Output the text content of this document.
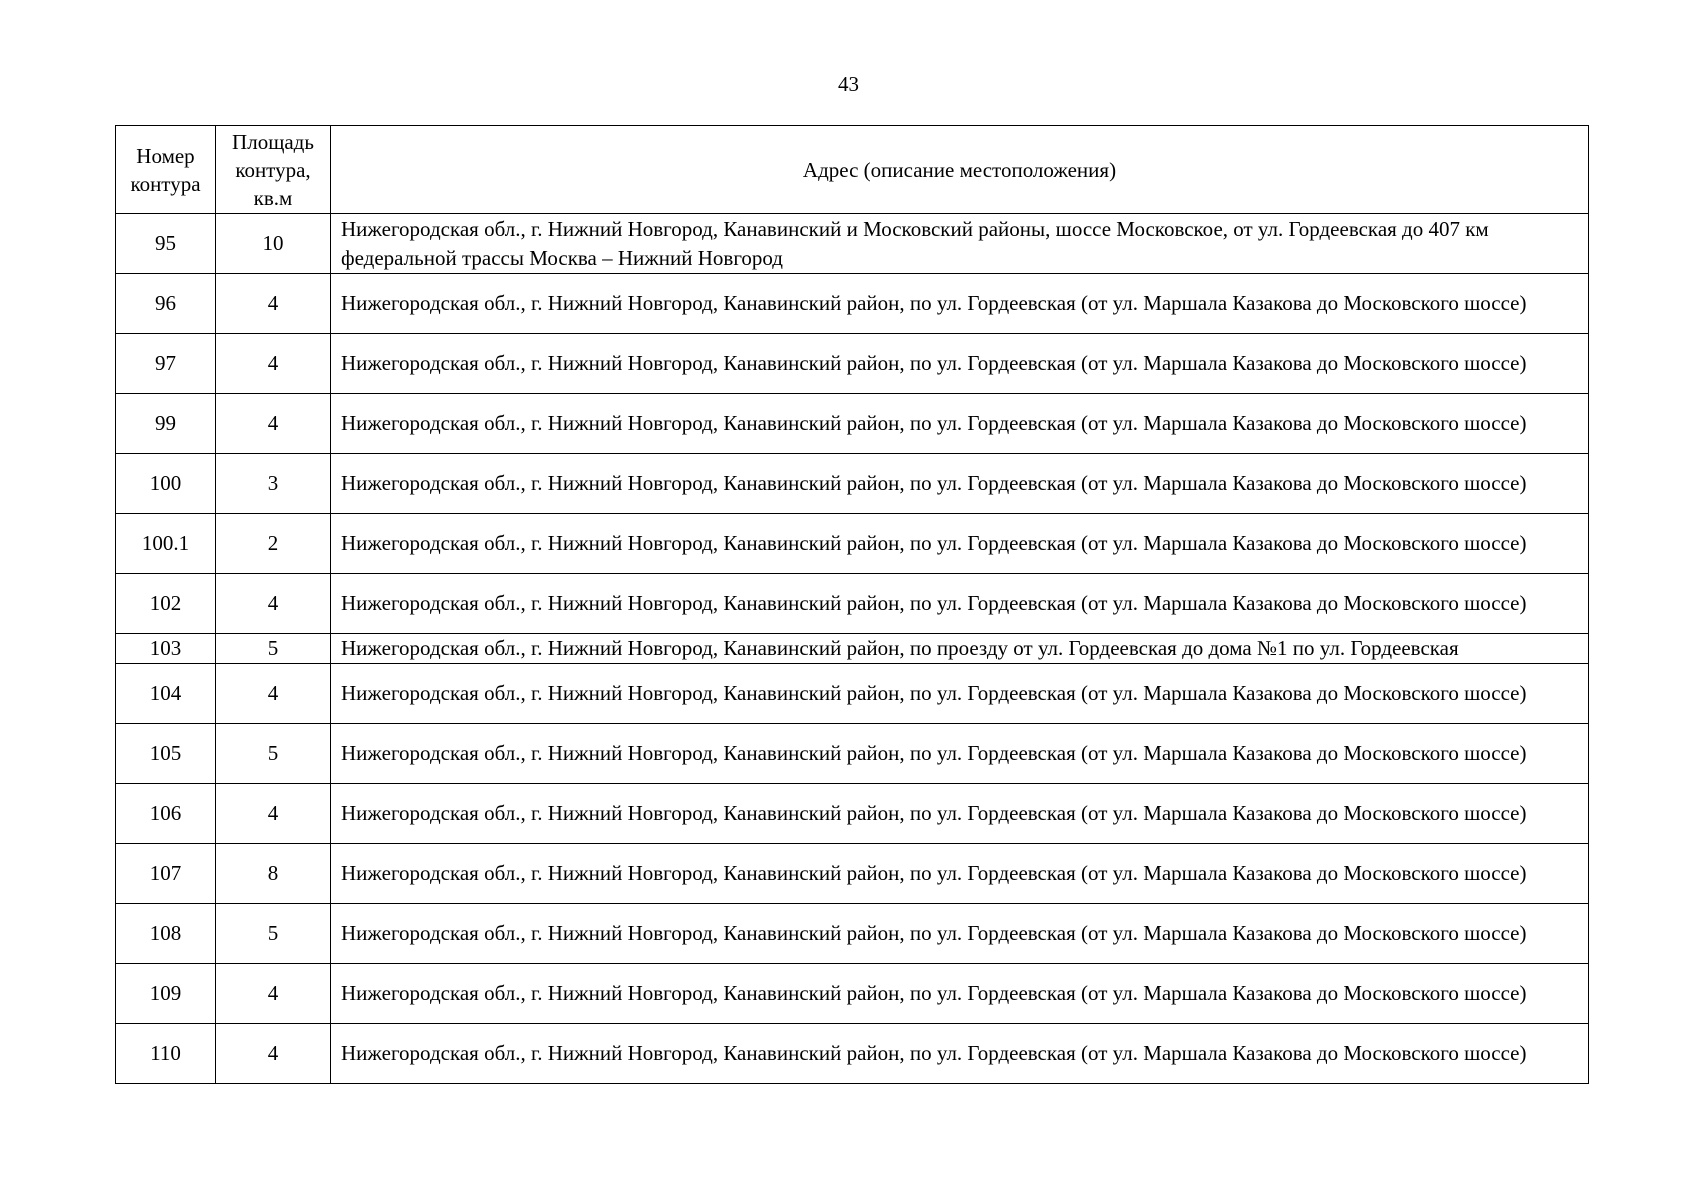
43
Номер контура	Площадь контура, кв.м	Адрес (описание местоположения)
95	10	Нижегородская обл., г. Нижний Новгород, Канавинский и Московский районы, шоссе Московское, от ул. Гордеевская до 407 км федеральной трассы Москва – Нижний Новгород
96	4	Нижегородская обл., г. Нижний Новгород, Канавинский район, по ул. Гордеевская (от ул. Маршала Казакова до Московского шоссе)
97	4	Нижегородская обл., г. Нижний Новгород, Канавинский район, по ул. Гордеевская (от ул. Маршала Казакова до Московского шоссе)
99	4	Нижегородская обл., г. Нижний Новгород, Канавинский район, по ул. Гордеевская (от ул. Маршала Казакова до Московского шоссе)
100	3	Нижегородская обл., г. Нижний Новгород, Канавинский район, по ул. Гордеевская (от ул. Маршала Казакова до Московского шоссе)
100.1	2	Нижегородская обл., г. Нижний Новгород, Канавинский район, по ул. Гордеевская (от ул. Маршала Казакова до Московского шоссе)
102	4	Нижегородская обл., г. Нижний Новгород, Канавинский район, по ул. Гордеевская (от ул. Маршала Казакова до Московского шоссе)
103	5	Нижегородская обл., г. Нижний Новгород, Канавинский район, по проезду от ул. Гордеевская до дома №1 по ул. Гордеевская
104	4	Нижегородская обл., г. Нижний Новгород, Канавинский район, по ул. Гордеевская (от ул. Маршала Казакова до Московского шоссе)
105	5	Нижегородская обл., г. Нижний Новгород, Канавинский район, по ул. Гордеевская (от ул. Маршала Казакова до Московского шоссе)
106	4	Нижегородская обл., г. Нижний Новгород, Канавинский район, по ул. Гордеевская (от ул. Маршала Казакова до Московского шоссе)
107	8	Нижегородская обл., г. Нижний Новгород, Канавинский район, по ул. Гордеевская (от ул. Маршала Казакова до Московского шоссе)
108	5	Нижегородская обл., г. Нижний Новгород, Канавинский район, по ул. Гордеевская (от ул. Маршала Казакова до Московского шоссе)
109	4	Нижегородская обл., г. Нижний Новгород, Канавинский район, по ул. Гордеевская (от ул. Маршала Казакова до Московского шоссе)
110	4	Нижегородская обл., г. Нижний Новгород, Канавинский район, по ул. Гордеевская (от ул. Маршала Казакова до Московского шоссе)
